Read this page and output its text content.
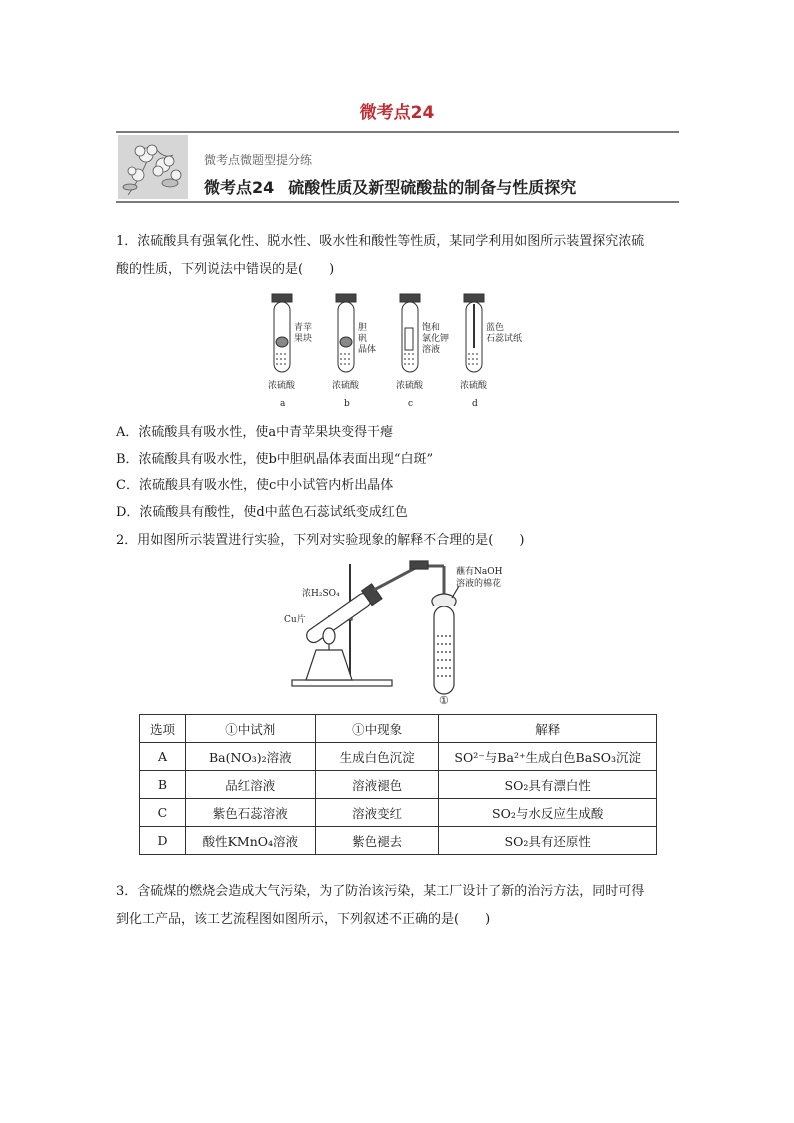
微考点24
微考点微题型提分练
微考点24 硫酸性质及新型硫酸盐的制备与性质探究
1．浓硫酸具有强氧化性、脱水性、吸水性和酸性等性质，某同学利用如图所示装置探究浓硫
酸的性质，下列说法中错误的是(　　)
青苹
果块
浓硫酸
a
胆
矾
晶体
浓硫酸
b
饱和
氯化钾
溶液
浓硫酸
c
蓝色
石蕊试纸
浓硫酸
d
A．浓硫酸具有吸水性，使a中青苹果块变得干瘪
B．浓硫酸具有吸水性，使b中胆矾晶体表面出现“白斑”
C．浓硫酸具有吸水性，使c中小试管内析出晶体
D．浓硫酸具有酸性，使d中蓝色石蕊试纸变成红色
2．用如图所示装置进行实验，下列对实验现象的解释不合理的是(　　)
浓H₂SO₄
Cu片
蘸有NaOH
溶液的棉花
①
选项	①中试剂	①中现象	解释
A	Ba(NO₃)₂溶液	生成白色沉淀	SO²⁻与Ba²⁺生成白色BaSO₃沉淀
B	品红溶液	溶液褪色	SO₂具有漂白性
C	紫色石蕊溶液	溶液变红	SO₂与水反应生成酸
D	酸性KMnO₄溶液	紫色褪去	SO₂具有还原性
3．含硫煤的燃烧会造成大气污染，为了防治该污染，某工厂设计了新的治污方法，同时可得
到化工产品，该工艺流程图如图所示，下列叙述不正确的是(　　)
